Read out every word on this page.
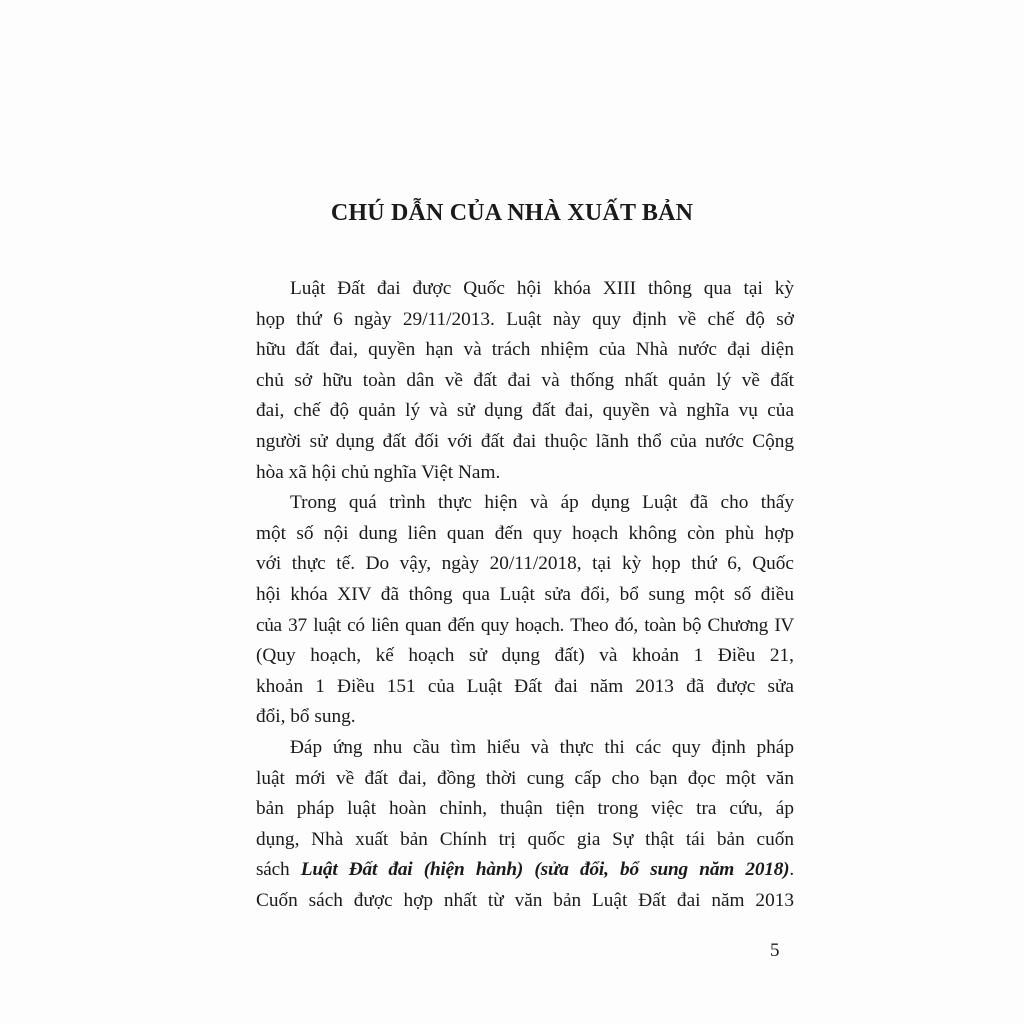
CHÚ DẪN CỦA NHÀ XUẤT BẢN
Luật Đất đai được Quốc hội khóa XIII thông qua tại kỳ
họp thứ 6 ngày 29/11/2013. Luật này quy định về chế độ sở
hữu đất đai, quyền hạn và trách nhiệm của Nhà nước đại diện
chủ sở hữu toàn dân về đất đai và thống nhất quản lý về đất
đai, chế độ quản lý và sử dụng đất đai, quyền và nghĩa vụ của
người sử dụng đất đối với đất đai thuộc lãnh thổ của nước Cộng
hòa xã hội chủ nghĩa Việt Nam.
Trong quá trình thực hiện và áp dụng Luật đã cho thấy
một số nội dung liên quan đến quy hoạch không còn phù hợp
với thực tế. Do vậy, ngày 20/11/2018, tại kỳ họp thứ 6, Quốc
hội khóa XIV đã thông qua Luật sửa đổi, bổ sung một số điều
của 37 luật có liên quan đến quy hoạch. Theo đó, toàn bộ Chương IV
(Quy hoạch, kế hoạch sử dụng đất) và khoản 1 Điều 21,
khoản 1 Điều 151 của Luật Đất đai năm 2013 đã được sửa
đổi, bổ sung.
Đáp ứng nhu cầu tìm hiểu và thực thi các quy định pháp
luật mới về đất đai, đồng thời cung cấp cho bạn đọc một văn
bản pháp luật hoàn chỉnh, thuận tiện trong việc tra cứu, áp
dụng, Nhà xuất bản Chính trị quốc gia Sự thật tái bản cuốn
sách Luật Đất đai (hiện hành) (sửa đổi, bổ sung năm 2018).
Cuốn sách được hợp nhất từ văn bản Luật Đất đai năm 2013
5
